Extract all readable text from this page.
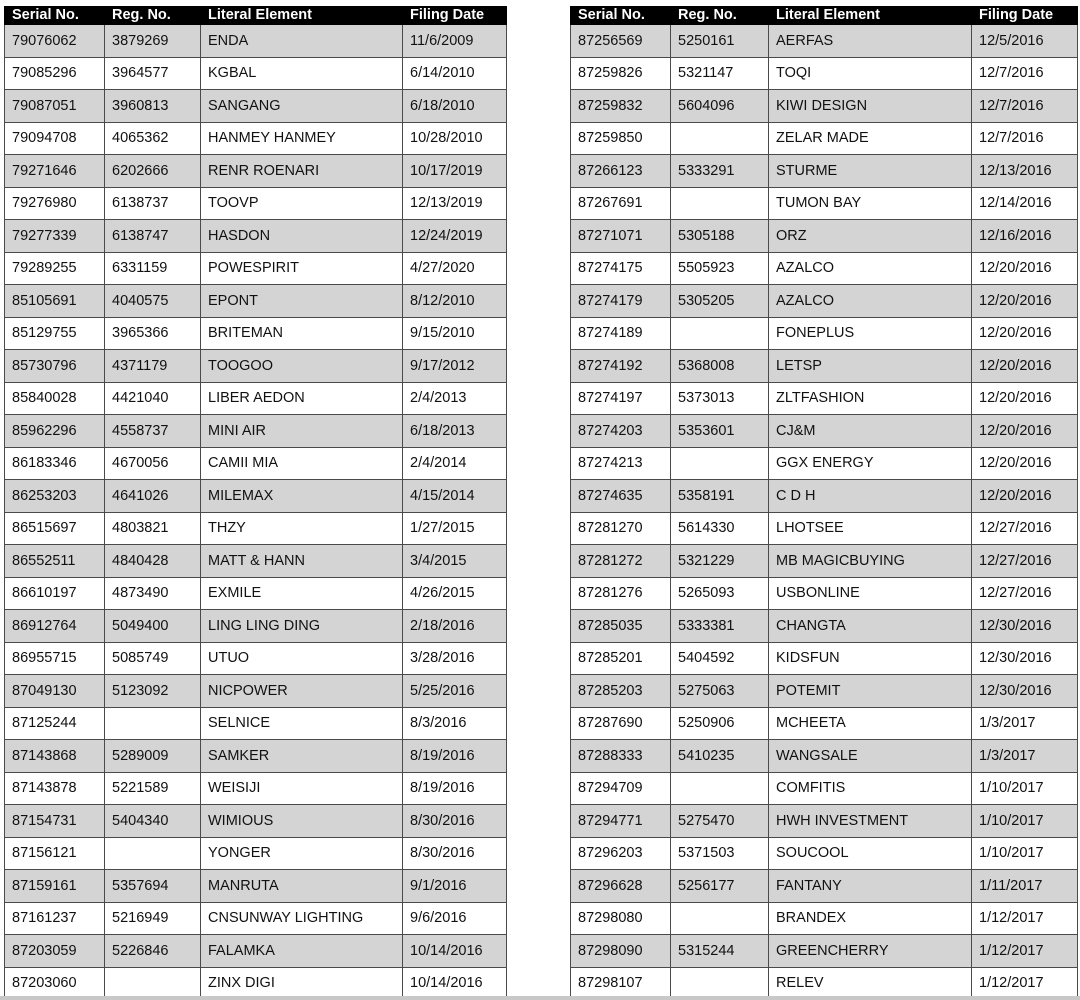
Serial No.	Reg. No.	Literal Element	Filing Date
79076062	3879269	ENDA	11/6/2009
79085296	3964577	KGBAL	6/14/2010
79087051	3960813	SANGANG	6/18/2010
79094708	4065362	HANMEY HANMEY	10/28/2010
79271646	6202666	RENR ROENARI	10/17/2019
79276980	6138737	TOOVP	12/13/2019
79277339	6138747	HASDON	12/24/2019
79289255	6331159	POWESPIRIT	4/27/2020
85105691	4040575	EPONT	8/12/2010
85129755	3965366	BRITEMAN	9/15/2010
85730796	4371179	TOOGOO	9/17/2012
85840028	4421040	LIBER AEDON	2/4/2013
85962296	4558737	MINI AIR	6/18/2013
86183346	4670056	CAMII MIA	2/4/2014
86253203	4641026	MILEMAX	4/15/2014
86515697	4803821	THZY	1/27/2015
86552511	4840428	MATT & HANN	3/4/2015
86610197	4873490	EXMILE	4/26/2015
86912764	5049400	LING LING DING	2/18/2016
86955715	5085749	UTUO	3/28/2016
87049130	5123092	NICPOWER	5/25/2016
87125244		SELNICE	8/3/2016
87143868	5289009	SAMKER	8/19/2016
87143878	5221589	WEISIJI	8/19/2016
87154731	5404340	WIMIOUS	8/30/2016
87156121		YONGER	8/30/2016
87159161	5357694	MANRUTA	9/1/2016
87161237	5216949	CNSUNWAY LIGHTING	9/6/2016
87203059	5226846	FALAMKA	10/14/2016
87203060		ZINX DIGI	10/14/2016
Serial No.	Reg. No.	Literal Element	Filing Date
87256569	5250161	AERFAS	12/5/2016
87259826	5321147	TOQI	12/7/2016
87259832	5604096	KIWI DESIGN	12/7/2016
87259850		ZELAR MADE	12/7/2016
87266123	5333291	STURME	12/13/2016
87267691		TUMON BAY	12/14/2016
87271071	5305188	ORZ	12/16/2016
87274175	5505923	AZALCO	12/20/2016
87274179	5305205	AZALCO	12/20/2016
87274189		FONEPLUS	12/20/2016
87274192	5368008	LETSP	12/20/2016
87274197	5373013	ZLTFASHION	12/20/2016
87274203	5353601	CJ&M	12/20/2016
87274213		GGX ENERGY	12/20/2016
87274635	5358191	C D H	12/20/2016
87281270	5614330	LHOTSEE	12/27/2016
87281272	5321229	MB MAGICBUYING	12/27/2016
87281276	5265093	USBONLINE	12/27/2016
87285035	5333381	CHANGTA	12/30/2016
87285201	5404592	KIDSFUN	12/30/2016
87285203	5275063	POTEMIT	12/30/2016
87287690	5250906	MCHEETA	1/3/2017
87288333	5410235	WANGSALE	1/3/2017
87294709		COMFITIS	1/10/2017
87294771	5275470	HWH INVESTMENT	1/10/2017
87296203	5371503	SOUCOOL	1/10/2017
87296628	5256177	FANTANY	1/11/2017
87298080		BRANDEX	1/12/2017
87298090	5315244	GREENCHERRY	1/12/2017
87298107		RELEV	1/12/2017
